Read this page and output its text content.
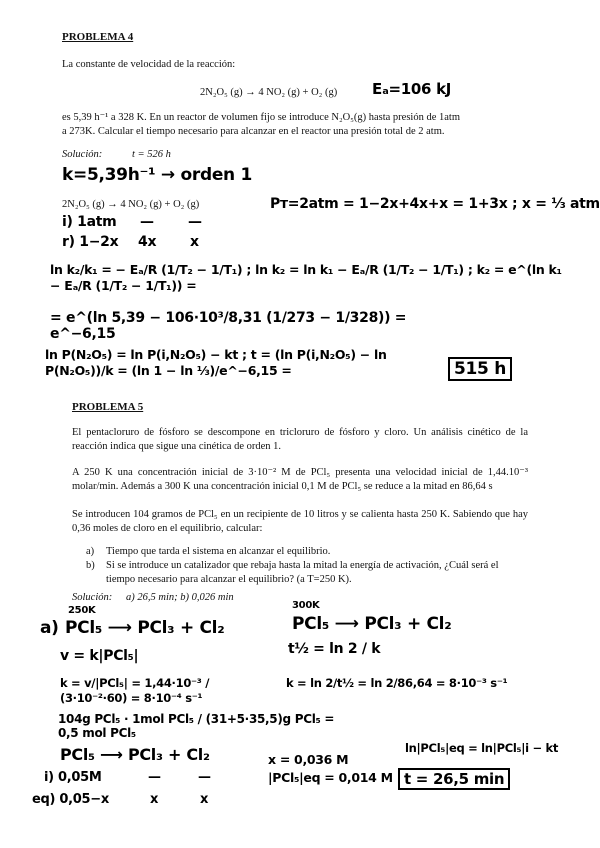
PROBLEMA 4
La constante de velocidad de la reacción:
2N₂O₅ (g) → 4 NO₂ (g) + O₂ (g) Eₐ=106 kJ
es 5,39 h⁻¹ a 328 K. En un reactor de volumen fijo se introduce N₂O₅(g) hasta presión de 1atm
a 273K. Calcular el tiempo necesario para alcanzar en el reactor una presión total de 2 atm.
Solución:	t = 526 h
k=5,39h⁻¹ → orden 1
2N₂O₅ (g) → 4 NO₂ (g) + O₂ (g)	Pᴛ=2atm = 1−2x+4x+x = 1+3x ; x = ⅓ atm
i) 1atm — —
r) 1−2x 4x x
ln k₂/k₁ = − Eₐ/R (1/T₂ − 1/T₁) ; ln k₂ = ln k₁ − Eₐ/R (1/T₂ − 1/T₁) ; k₂ = e^(ln k₁ − Eₐ/R (1/T₂ − 1/T₁)) =
= e^(ln 5,39 − 106·10³/8,31 (1/273 − 1/328)) = e^−6,15
ln P(N₂O₅) = ln P(i,N₂O₅) − kt ; t = (ln P(i,N₂O₅) − ln P(N₂O₅))/k = (ln 1 − ln ⅓)/e^−6,15 =	515 h
PROBLEMA 5
El pentacloruro de fósforo se descompone en tricloruro de fósforo y cloro. Un análisis cinético de la reacción indica que sigue una cinética de orden 1.
A 250 K una concentración inicial de 3·10⁻² M de PCl₅ presenta una velocidad inicial de 1,44.10⁻³ molar/min. Además a 300 K una concentración inicial 0,1 M de PCl₅ se reduce a la mitad en 86,64 s
Se introducen 104 gramos de PCl₅ en un recipiente de 10 litros y se calienta hasta 250 K. Sabiendo que hay 0,36 moles de cloro en el equilibrio, calcular:
a) Tiempo que tarda el sistema en alcanzar el equilibrio.
b) Si se introduce un catalizador que rebaja hasta la mitad la energía de activación, ¿Cuál será el tiempo necesario para alcanzar el equilibrio? (a T=250 K).
Solución: a) 26,5 min; b) 0,026 min
250K	300K
a) PCl₅ ⟶ PCl₃ + Cl₂	PCl₅ ⟶ PCl₃ + Cl₂
v = k|PCl₅|	t½ = ln 2 / k
k = v/|PCl₅| = 1,44·10⁻³ / (3·10⁻²·60) = 8·10⁻⁴ s⁻¹
k = ln 2/t½ = ln 2/86,64 = 8·10⁻³ s⁻¹
104g PCl₅ · 1mol PCl₅ / (31+5·35,5)g PCl₅ = 0,5 mol PCl₅
PCl₅ ⟶ PCl₃ + Cl₂	x = 0,036 M
|PCl₅|eq = 0,014 M
ln|PCl₅|eq = ln|PCl₅|i − kt
t = 26,5 min
i) 0,05M	—	—
eq) 0,05−x	x	x
